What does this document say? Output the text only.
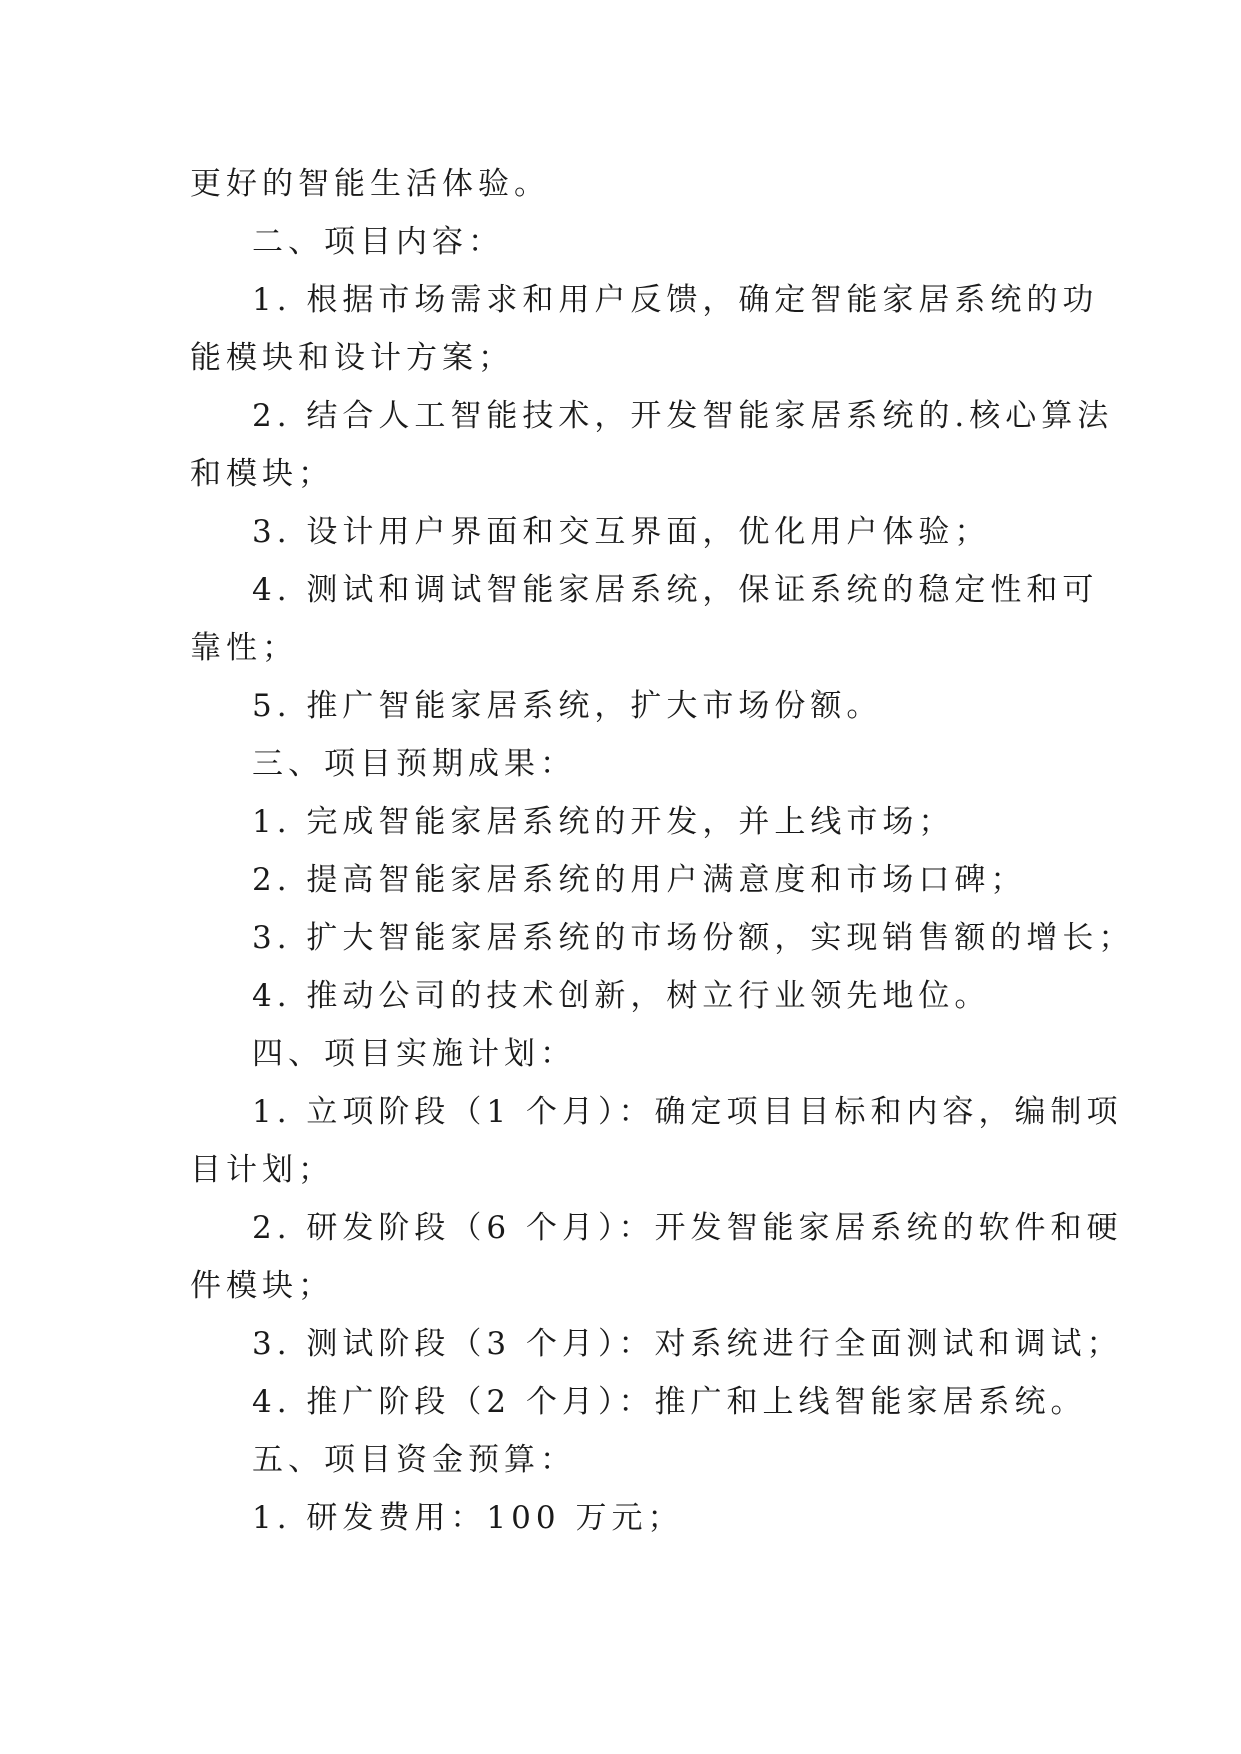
更好的智能生活体验。
二、项目内容：
1. 根据市场需求和用户反馈，确定智能家居系统的功
能模块和设计方案；
2. 结合人工智能技术，开发智能家居系统的.核心算法
和模块；
3. 设计用户界面和交互界面，优化用户体验；
4. 测试和调试智能家居系统，保证系统的稳定性和可
靠性；
5. 推广智能家居系统，扩大市场份额。
三、项目预期成果：
1. 完成智能家居系统的开发，并上线市场；
2. 提高智能家居系统的用户满意度和市场口碑；
3. 扩大智能家居系统的市场份额，实现销售额的增长；
4. 推动公司的技术创新，树立行业领先地位。
四、项目实施计划：
1. 立项阶段（1 个月）：确定项目目标和内容，编制项
目计划；
2. 研发阶段（6 个月）：开发智能家居系统的软件和硬
件模块；
3. 测试阶段（3 个月）：对系统进行全面测试和调试；
4. 推广阶段（2 个月）：推广和上线智能家居系统。
五、项目资金预算：
1. 研发费用：100 万元；
